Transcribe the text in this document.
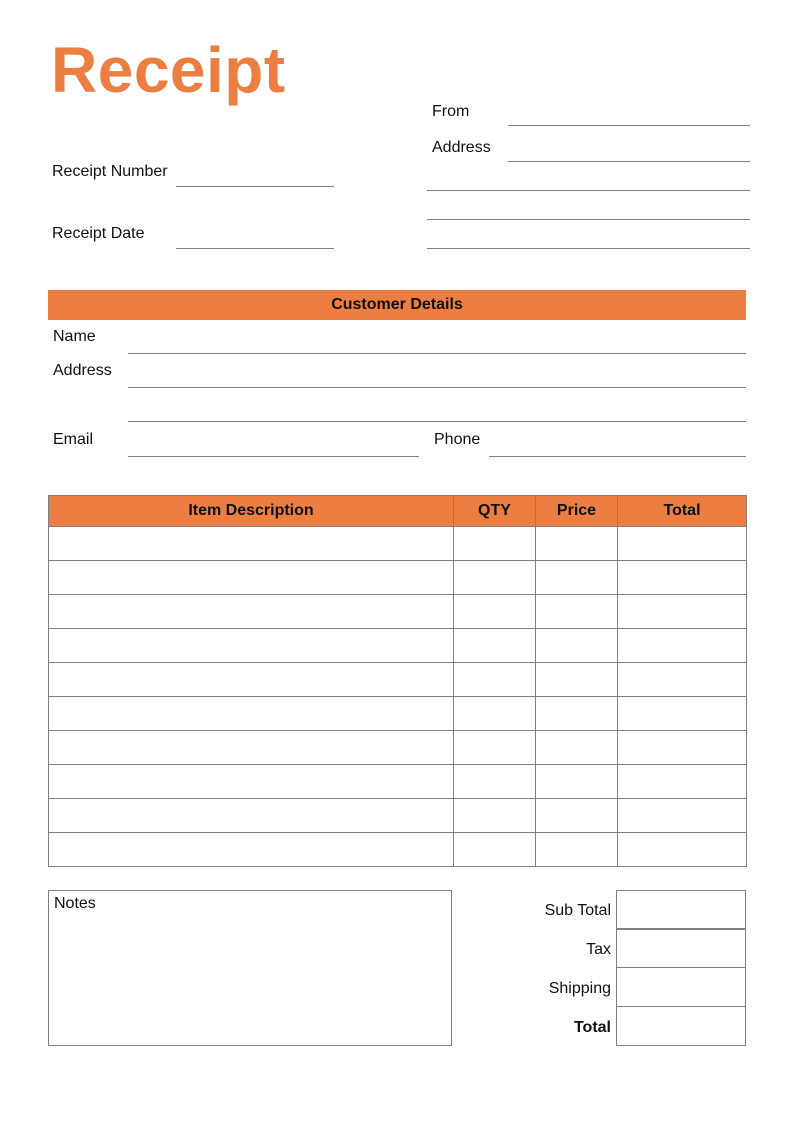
Receipt
From
Address
Receipt Number
Receipt Date
Customer Details
Name
Address
Email	Phone
Item Description	QTY	Price	Total

Notes	Sub Total
Tax
Shipping
Total
